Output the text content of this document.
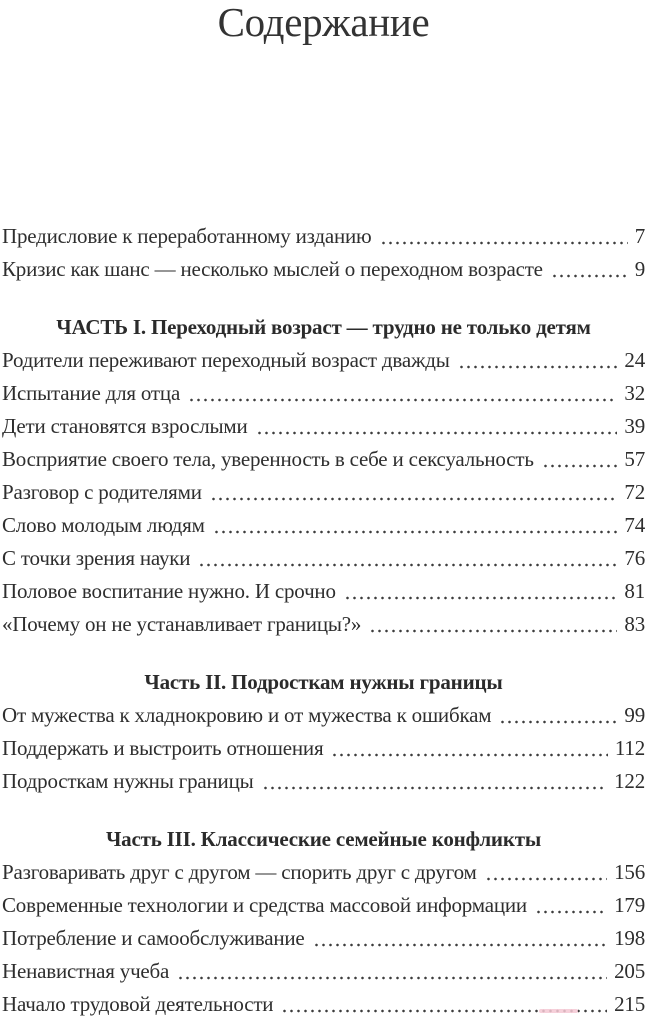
Содержание
Предисловие к переработанному изданию	7
Кризис как шанс — несколько мыслей о переходном возрасте	9
ЧАСТЬ I. Переходный возраст — трудно не только детям
Родители переживают переходный возраст дважды	24
Испытание для отца	32
Дети становятся взрослыми	39
Восприятие своего тела, уверенность в себе и сексуальность	57
Разговор с родителями	72
Слово молодым людям	74
С точки зрения науки	76
Половое воспитание нужно. И срочно	81
«Почему он не устанавливает границы?»	83
Часть II. Подросткам нужны границы
От мужества к хладнокровию и от мужества к ошибкам	99
Поддержать и выстроить отношения	112
Подросткам нужны границы	122
Часть III. Классические семейные конфликты
Разговаривать друг с другом — спорить друг с другом	156
Современные технологии и средства массовой информации	179
Потребление и самообслуживание	198
Ненавистная учеба	205
Начало трудовой деятельности	215
